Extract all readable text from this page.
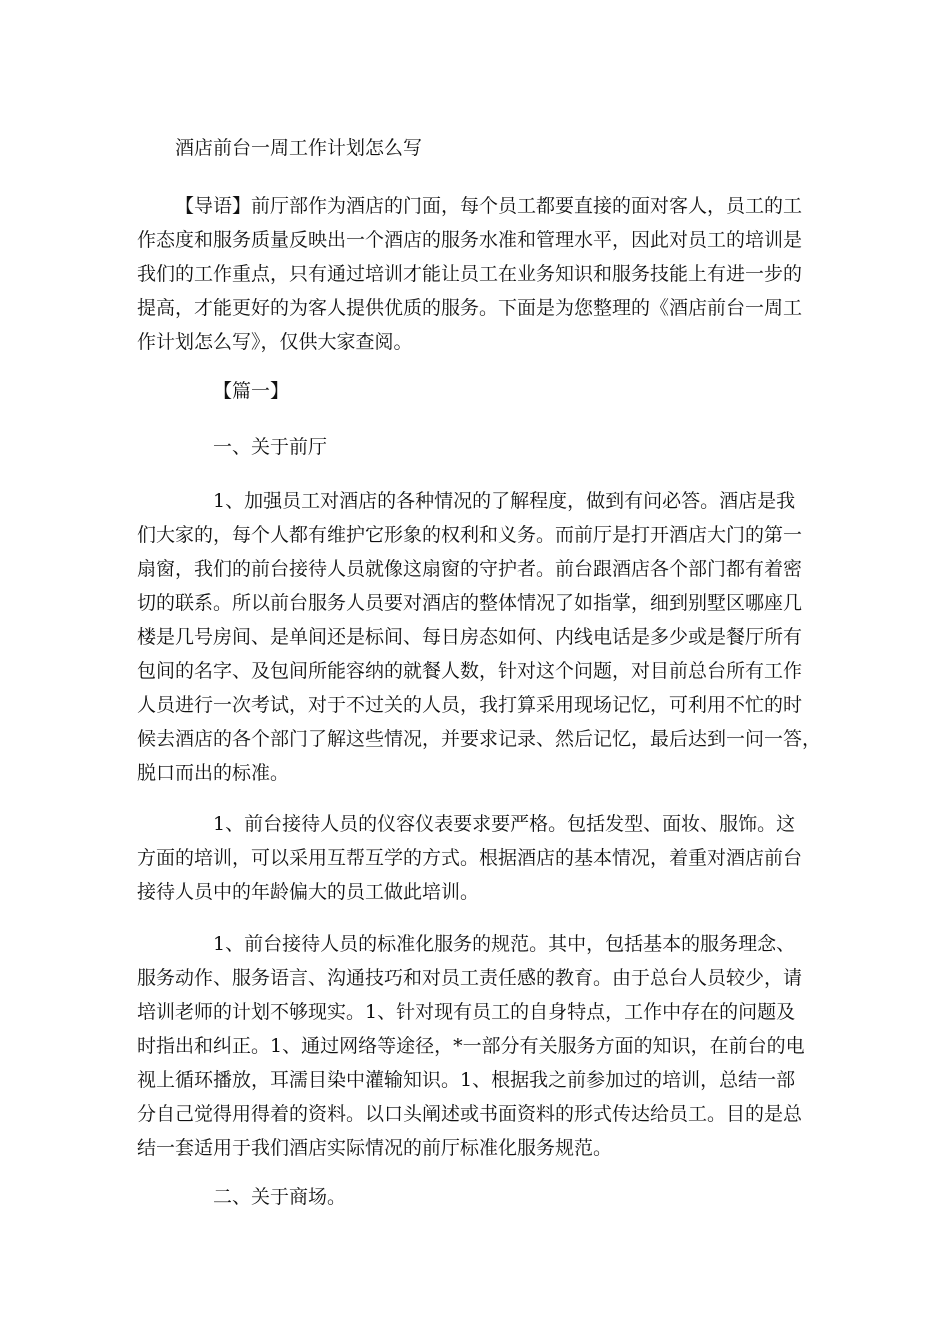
酒店前台一周工作计划怎么写
【导语】前厅部作为酒店的门面，每个员工都要直接的面对客人，员工的工
作态度和服务质量反映出一个酒店的服务水准和管理水平，因此对员工的培训是
我们的工作重点，只有通过培训才能让员工在业务知识和服务技能上有进一步的
提高，才能更好的为客人提供优质的服务。下面是为您整理的《酒店前台一周工
作计划怎么写》，仅供大家查阅。
【篇一】
一、关于前厅
1、加强员工对酒店的各种情况的了解程度，做到有问必答。酒店是我
们大家的，每个人都有维护它形象的权利和义务。而前厅是打开酒店大门的第一
扇窗，我们的前台接待人员就像这扇窗的守护者。前台跟酒店各个部门都有着密
切的联系。所以前台服务人员要对酒店的整体情况了如指掌，细到别墅区哪座几
楼是几号房间、是单间还是标间、每日房态如何、内线电话是多少或是餐厅所有
包间的名字、及包间所能容纳的就餐人数，针对这个问题，对目前总台所有工作
人员进行一次考试，对于不过关的人员，我打算采用现场记忆，可利用不忙的时
候去酒店的各个部门了解这些情况，并要求记录、然后记忆，最后达到一问一答，
脱口而出的标准。
1、前台接待人员的仪容仪表要求要严格。包括发型、面妆、服饰。这
方面的培训，可以采用互帮互学的方式。根据酒店的基本情况，着重对酒店前台
接待人员中的年龄偏大的员工做此培训。
1、前台接待人员的标准化服务的规范。其中，包括基本的服务理念、
服务动作、服务语言、沟通技巧和对员工责任感的教育。由于总台人员较少，请
培训老师的计划不够现实。1、针对现有员工的自身特点，工作中存在的问题及
时指出和纠正。1、通过网络等途径，*一部分有关服务方面的知识，在前台的电
视上循环播放，耳濡目染中灌输知识。1、根据我之前参加过的培训，总结一部
分自己觉得用得着的资料。以口头阐述或书面资料的形式传达给员工。目的是总
结一套适用于我们酒店实际情况的前厅标准化服务规范。
二、关于商场。
